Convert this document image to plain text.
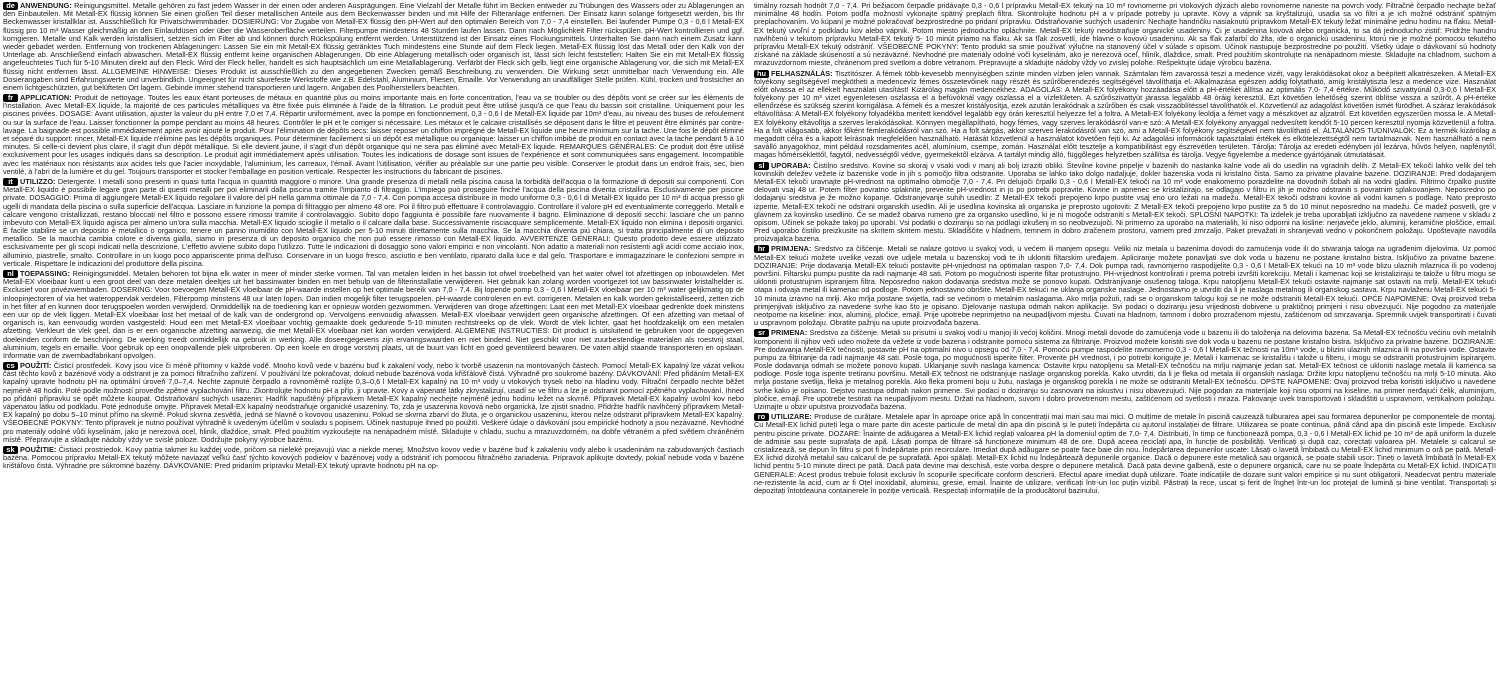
de ANWENDUNG: Reinigungsmittel. Metalle gehören zu fast jedem Wasser in der einen oder anderen Ausprägungen. Eine Vielzahl der Metalle führt im Becken entweder zu Trübungen des Wassers oder zu Ablagerungen an den Einbauteilen. Mit Metall-EX flüssig können Sie einen großen Teil dieser metallischen Anteile aus dem Beckenwasser binden und mit Hilfe der Filteranlage entfernen. Der Einsatz kann solange fortgesetzt werden, bis Ihr Beckenwasser kristallklar ist. Ausschließlich für Privatschwimmbäder. DOSIERUNG: Vor Zugabe von Metall-EX flüssig den pH-Wert auf den optimalen Bereich von 7,0 - 7,4 einstellen. Bei laufender Pumpe 0,3 - 0,6 l Metall-EX flüssig pro 10 m³ Wasser gleichmäßig an den Einlaufdüsen oder über die Wasseroberfläche verteilen. Filterpumpe mindestens 48 Stunden laufen lassen. Dann nach Möglichkeit Filter rückspülen. pH-Wert kontrollieren und ggf. korrigieren. Metalle und Kalk werden kristallisiert, setzen sich im Filter ab und können durch Rückspülung entfernt werden. Unterstützend ist der Einsatz eines Flockungsmittels. Unterhalten Sie dann nach einem Zusatz kann wieder gebadet werden. Entfernung von trockenen Ablagerungen: Lassen Sie ein mit Metall-EX flüssig getränktes Tuch mindestens eine Stunde auf dem Fleck liegen. Metall-EX flüssig löst das Metall oder den Kalk von der Unterlage ab. Anschließend einfach abwaschen. Metall-EX flüssig entfernt keine organischen Ablagerungen. Ob eine Ablagerung metallisch oder organisch ist, lässt sich leicht feststellen: Halten Sie ein mit Metall-EX flüssig angefeuchtetes Tuch für 5-10 Minuten direkt auf den Fleck. Wird der Fleck heller, handelt es sich hauptsächlich um eine Metallablagerung. Verfärbt der Fleck sich gelb, liegt eine organische Ablagerung vor, die sich mit Metall-EX flüssig nicht entfernen lässt. ALLGEMEINE HINWEISE: Dieses Produkt ist ausschließlich zu den angegebenen Zwecken gemäß Beschreibung zu verwenden. Die Wirkung setzt unmittelbar nach Verwendung ein. Alle Dosierangaben sind Erfahrungswerte und unverbindlich. Ungeeignet für nicht säurefeste Werkstoffe wie z.B. Edelstahl, Aluminium, Fliesen, Emaille. Vor Verwendung an unauffälliger Stelle prüfen. Kühl, trocken und frostsicher an einem lichtgeschützten, gut belüfteten Ort lagern. Gebinde immer stehend transportieren und lagern. Angaben des Poolherstellers beachten.

fr APPLICATION: Produit de nettoyage. Toutes les eaux étant porteuses de métaux en quantité plus ou moins importante mais en forte concentration, l'eau va se troubler ou des dépôts vont se créer sur les éléments de l'installation. Avec Metall-EX liquide, la majorité de ces particules métalliques va être fixée puis éliminée à l'aide de la filtration. Le produit peut être utilisé jusqu'à ce que l'eau du bassin soit cristalline. Uniquement pour les piscines privées. DOSAGE: Avant utilisation, ajuster la valeur du pH entre 7,0 et 7,4. Répartir uniformément, avec la pompe en fonctionnement, 0,3 - 0,6 l de Metall-EX liquide par 10m³ d'eau, au niveau des buses de refoulement ou sur la surface de l'eau. Laisser fonctionner la pompe pendant au moins 48 heures. Contrôler le pH et le corriger si nécessaire. Les métaux et le calcaire cristallisés se déposent dans le filtre et peuvent être éliminés par contre-lavage. La baignade est possible immédiatement après avoir ajouté le produit. Pour l'élimination de dépôts secs: laisser reposer un chiffon imprégné de Metall-EX liquide une heure minimum sur la tache. Une fois le dépôt éliminé et séparé du support: rincer. Metall-EX liquide n'élimine pas les dépôts organiques. Pour déterminer facilement si un dépôt est métallique ou organique: laisser un chiffon imbibé de produit en contact avec la tache pendant 5 à 10 minutes. Si celle-ci devient plus claire, il s'agit d'un dépôt métallique. Si elle devient jaune, il s'agit d'un dépôt organique qui ne sera pas éliminé avec Metall-EX liquide. REMARQUES GÉNÉRALES: Ce produit doit être utilisé exclusivement pour les usages indiqués dans sa description. Le produit agit immédiatement après utilisation. Toutes les indications de dosage sont issues de l'expérience et sont communiquées sans engagement. Incompatible avec les matériaux non résistants aux acides tels que l'acier inoxydable, l'aluminium, les carreaux, l'émail. Avant l'utilisation, vérifier au préalable sur une partie peu visible. Conserver le produit dans un endroit frais, sec, bien ventilé, à l'abri de la lumière et du gel. Toujours transporter et stocker l'emballage en position verticale. Respecter les instructions du fabricant de piscines.

it UTILIZZO: Detergente. I metalli sono presenti in quasi tutta l'acqua in quantità maggiore o minore. Una grande presenza di metalli nella piscina causa la torbidità dell'acqua o la formazione di depositi sui componenti. Con Metall-EX liquido è possibile legare gran parte di questi metalli per poi eliminarli dalla piscina tramite l'impianto di filtraggio. L'impiego può proseguire finché l'acqua della piscina diventa cristallina. Esclusivamente per piscine private. DOSAGGIO: Prima di aggiungere Metall-EX liquido regolare il valore del pH nella gamma ottimale da 7,0 - 7,4. Con pompa accesa distribuire in modo uniforme 0,3 - 0,6 l di Metall-EX liquido per 10 m³ di acqua presso gli ugelli di mandata della piscina o sulla superficie dell'acqua. Lasciare in funzione la pompa di filtraggio per almeno 48 ore. Poi il filtro può effettuare il controlavaggio. Controllare il valore pH ed eventualmente correggerlo. Metalli e calcare vengono cristallizzati, restano bloccati nel filtro e possono essere rimossi tramite il controlavaggio. Subito dopo l'aggiunta è possibile fare nuovamente il bagno. Eliminazione di depositi secchi: lasciare che un panno imbevuto con Metall-EX liquido agisca per almeno un'ora sulla macchia. Metall-EX liquido scioglie il metallo o il calcare dalla base. Successivamente risciacquare semplicemente. Metall-EX liquido non elimina i depositi organici. È facile stabilire se un deposito è metallico o organico: tenere un panno inumidito con Metall-EX liquido per 5-10 minuti direttamente sulla macchia. Se la macchia diventa più chiara, si tratta principalmente di un deposito metallico. Se la macchia cambia colore e diventa gialla, siamo in presenza di un deposito organico che non può essere rimosso con Metall-EX liquido. AVVERTENZE GENERALI: Questo prodotto deve essere utilizzato esclusivamente per gli scopi indicati nella descrizione. L'effetto avviene subito dopo l'utilizzo. Tutte le indicazioni di dosaggio sono valori empirici e non vincolanti. Non adatto a materiali non resistenti agli acidi come acciaio inox, alluminio, piastrelle, smalto. Controllare in un luogo poco appariscente prima dell'uso. Conservare in un luogo fresco, asciutto e ben ventilato, riparato dalla luce e dal gelo. Trasportare e immagazzinare le confezioni sempre in verticale. Rispettare le indicazioni del produttore della piscina.

nl TOEPASSING: Reinigingsmiddel. Metalen behoren tot bijna elk water in meer of minder sterke vormen. Tal van metalen leiden in het bassin tot ofwel troebelheid van het water ofwel tot afzettingen op inbouwdelen. Met Metall-EX vloeibaar kunt u een groot deel van deze metalen deeltjes uit het bassinwater binden en met behulp van de filterinstallatie verwijderen. Het gebruik kan zolang worden voortgezet tot uw bassinwater kristalhelder is. Exclusief voor privézwembaden. DOSERING: Voor toevoegen Metall-EX vloeibaar de pH-waarde instellen op het optimale bereik van 7,0 - 7,4. Bij lopende pomp 0,3 - 0,6 l Metall-EX vloeibaar per 10 m³ water gelijkmatig op de inloopinjectoren of via het wateroppervlak verdelen. Filterpomp minstens 48 uur laten lopen. Dan indien mogelijk filter terugspoelen. pH-waarde controleren en evt. corrigeren. Metalen en kalk worden gekristalliseerd, zetten zich in het filter af en kunnen door terugspoelen worden verwijderd. Onmiddellijk na de toediening kan er opnieuw worden gezwommen. Verwijderen van droge afzettingen: Laat een met Metall-EX vloeibaar gedrenkte doek minstens een uur op de vlek liggen. Metall-EX vloeibaar lost het metaal of de kalk van de ondergrond op. Vervolgens eenvoudig afwassen. Metall-EX vloeibaar verwijdert geen organische afzettingen. Of een afzetting van metaal of organisch is, kan eenvoudig worden vastgesteld: Houd een met Metall-EX vloeibaar vochtig gemaakte doek gedurende 5-10 minuten rechtstreeks op de vlek. Wordt de vlek lichter, gaat het hoofdzakelijk om een metalen afzetting. Verkleurt de vlek geel, dan is er een organische afzetting aanwezig, die met Metall-EX vloeibaar niet kan worden verwijderd. ALGEMENE INSTRUCTIES: Dit product is uitsluitend te gebruiken voor de opgegeven doeleinden conform de beschrijving. De werking treedt onmiddellijk na gebruik in werking. Alle doseergegevens zijn ervaringswaarden en niet bindend. Niet geschikt voor niet zuurbestendige materialen als roestvrij staal, aluminium, tegels en emaille. Voor gebruik op een onopvallende plek uitproberen. Op een koele en droge vorstvrij plaats, uit de buurt van licht en goed geventileerd bewaren. De vaten altijd staande transporteren en opslaan. Informatie van de zwembadfabrikant opvolgen.

cs POUŽITÍ: Čisticí prostředek. Kovy jsou více či méně přítomny v každé vodě. Mnoho kovů vede v bazénu buď k zakalení vody, nebo k tvorbě usazenin na montovaných částech. Pomocí Metall-EX kapalný lze vázat velkou část těchto kovů z bazénové vody a odstranit je za pomoci filtračního zařízení. V používání lze pokračovat, dokud nebude bazénová voda křišťálově čistá. Výhradně pro soukromé bazény. DÁVKOVÁNÍ: Před přidáním Metall-EX kapalný upravte hodnotu pH na optimální úroveň 7,0–7,4. Nechte zapnuté čerpadlo a rovnoměrně rozlijte 0,3–0,6 l Metall-EX kapalný na 10 m³ vody u vtokových trysek nebo na hladinu vody. Filtrační čerpadlo nechte běžet nejméně 48 hodin. Poté podle možností proveďte zpětné vyplachování filtru. Zkontrolujte hodnotu pH a příp. ji upravte. Kovy a vápenaté látky zkrystalizují, usadí se ve filtru a lze je odstranit pomocí zpětného vyplachování. Ihned po přidání přípravku se opět můžete koupat. Odstraňování suchých usazenin: Hadřík napuštěný přípravkem Metall-EX kapalný nechejte nejméně jednu hodinu ležet na skvrně. Přípravek Metall-EX kapalný uvolní kov nebo vápenatou látku od podkladu. Poté jednoduše omyjte. Přípravek Metall-EX kapalný neodstraňuje organické usazeniny. To, zda je usazenina kovová nebo organická, lze zjistit snadno. Přidržte hadřík navlhčený přípravkem Metall-EX kapalný po dobu 5–10 minut přímo na skvrně. Pokud skvrna zesvětlá, jedná se hlavně o kovovou usazeninu. Pokud se skvrna zbarví do žluta, je o organickou usazeninu, kterou nelze odstranit přípravkem Metall-EX kapalný. VŠEOBECNÉ POKYNY: Tento přípravek je nutno používat výhradně k uvedeným účelům v souladu s popisem. Účinek nastupuje ihned po použití. Veškeré údaje o dávkování jsou empirické hodnoty a jsou nezávazné. Nevhodné pro materiály odolné vůči kyselinám, jako je nerezová ocel, hliník, dlaždice, smalt. Před použitím vyzkoušejte na nenápadném místě. Skladujte v chladu, suchu a mrazuvzdorném, na dobře větraném a před světlem chráněném místě. Přepravujte a skladujte nádoby vždy ve svislé poloze. Dodržujte pokyny výrobce bazénu.

sk POUŽITIE: Čistiaci prostriedok. Kovy patria takmer ku každej vode, pričom sa nieleké prejavujú viac a niekde menej. Množstvo kovov vedie v bazéne buď k zakaleniu vody alebo k usadeninám na zabudovaných častiach bazéna. Pomocou prípravku Metall-EX tekutý môžete naviazať veľkú časť týchto kovových podielov v bazénovej vody a odstrániť ich pomocou filtračného zariadenia. Prípravok aplikujte dovtedy, pokiaľ nebude voda v bazéne krištáľovo čistá. Výhradne pre súkromné bazény. DÁVKOVANIE: Pred pridaním prípravku Metall-EX tekutý upravte hodnotu pH na op-

timálny rozsah hodnôt 7,0 - 7,4. Pri bežiacom čerpadle pridávajte 0,3 - 0,6 l prípravku Metall-EX tekutý na 10 m³ rovnomerne pri vtokových dýzach alebo rovnomerne naneste na povrch vody. Filtračné čerpadlo nechajte bežať minimálne 48 hodín. Potom podľa možností vykonajte spätný preplach filtra. Skontrolujte hodnotu pH a v prípade potreby ju upravte. Kovy a vápnik sa kryštalizujú, usadia sa vo filtri a je ich možné odstrániť spätným preplachovaním. Vo kúpaní je možné pokračovať bezprostredne po pridaní prípravku. Odstraňovanie suchých usadenín: Nechajte handričku nasiaknutú prípravkom Metall-EX tekutý ležať minimálne jednu hodinu na fľaku. Metall-EX tekutý uvoľní z podkladu kov alebo vápnik. Potom miesto jednoducho opláchnite. Metall-EX tekutý neodstraňuje organické usadeniny. Či je usadenina kovová alebo organická, to sa dá jednoducho zistiť: Pridržte handru navlhčenú v tekutom prípravku Metall-EX tekutý 5- 10 minút priamo na fľaku. Ak sa fľak zosvetlí, ide hlavne o kovovú usadeninu. Ak sa fľak zafarbí do žlta, ide o organickú usadeninu, ktorú nie je možné pomocou tekutého prípravku Metall-EX tekutý odstrániť. VŠEOBECNÉ POKYNY: Tento produkt sa smie používať výlučne na stanovený účel v súlade s opisom. Účinok nastupuje bezprostredne po použití. Všetky údaje o dávkovaní sú hodnoty získané na základe skúseností a sú nezáväzné. Nevhodné pre materiály odolné voči kyselinám, ako je nerezová oceľ, hliník, dlaždice, smalt. Pred použitím skontrolujte na nenápadnom mieste. Skladujte na chladnom, suchom a mrazuvzdornom mieste, chránenom pred svetlom a dobre vetranom. Prepravujte a skladujte nádoby vždy vo zvislej polohe. Rešpektujte údaje výrobcu bazéna.

hu FELHASZNÁLÁS: Tisztítószer. A fémek több-kevesebb mennyiségben szinte minden vízben jelen vannak. Számtalan fém zavarossá teszi a medence vizét, vagy lerakódásokat okoz a beépített alkatrészeken. A Metall-EX folyékony segítségével megkötheti a medencevíz fémes összetevőinek nagy részét és szűrőberendezés segítségével távolíthatja el. Alkalmazása egészen addig folytatható, amíg kristálytiszta lesz a medence vize. Használat előtt olvassa el az ellékelt használati utasítást! Kizárólag magán medencékhez. ADAGOLÁS: A Metall-EX folyékony hozzáadása előtt a pH-értékét állítsa az optimális 7,0- 7,4 értékre. Működő szivattyúnál 0,3-0,6 l Metall-EX folyékony per 10 m³ vizet egyenletesen oszlassa el a befúvóknál vagy oszlassa el a vízfelületen. A szűrőszivattyút járassa legalább 48 óráig keresztül. Ezt követően lehetőség szerint öblítse vissza a szűrőt. A pH-értéke ellenőrzése és szükség szerint korrigálása. A fémek és a meszet kristályosítja, ezek azután lerakódnak a szűrőben és csak visszaöblítéssel távolíthatók el. Közvetlenül az adagolást követően ismét fürödhet. A száraz lerakódások eltávolítása: A Metall-EX folyékony folyadékba meritett kendővel legalább egy órán keresztül helyezze fel a foltra. A Metall-EX folyékony leoldja a fémet vagy a mészkövet az aljzatról. Ezt követően egyszerűen mossa le. A Metall-EX folyékony eltávolítja a szerves lerakódásokat. Könnyen megállapítható, hogy fémes, vagy szerves lerakódásról van-e szó: A Metall-EX folyékony anyaggal nedvesített kendőt 5-10 percen keresztül nyomja közvetlenül a foltra. Ha a folt világosabb, akkor főként fémlerakódásról van szó. Ha a folt sárgás, akkor szerves lerakódásról van szó, ami a Metall-EX folyékony segítségével nem távolítható el. ÁLTALÁNOS TUDNIVALÓK: Ez a termék kizárólag a megadott célra és a kapott leírásnak megfelelően használható. Hatását közvetlenül a használatot követően fejti ki. Az adagolási információk tapasztalati értékek és elkötelezettségtől nem tartalmaznak. Nem használható a nem saválló anyagokhoz, mint például rozsdamentes acél, alumínium, csempe, zomán. Használat előtt tesztelje a kompatibilitást egy észrevétlen területen. Tárolja: Tárolja az eredeti edényben jól lezárva, hűvös helyen, napfénytől, magas hőmérséklettől, fagytól, nedvességtől védve, gyermekektől elzárva. A tartályt mindig álló, függőleges helyzetben szállítsa és tárolja. Vegye figyelembe a medence gyártójának útmutatásait.

sl UPORABA: Čistilno sredstvo. Kovine so skoraj v vsaki vodi v manj ali bolj izraziti obliki. Številne kovine pripelje v bazenih do nastanka kalne vode ali do usedlin na vgradnih delih. Z Metall-EX tekoči lahko velik del teh kovinskih deležev vežete iz bazenske vode in jih s pomočjo filtra odstranite. Uporaba se lahko tako dolgo nadaljuje, dokler bazenska voda ni kristalno čista. Samo za privatne plavalne bazene. DOZIRANJE: Pred dodajanjem Metall-EX tekoči uravnajte pH-vrednost na optimalno območje 7,0 - 7,4. Pri delujoči črpalki 0,3 - 0,6 l Metall-EX tekoči na 10 m³ vode enakomerno porazdelite na dovodnih šobah ali na vodni gladini. Filtrirno črpalko pustite delovati vsaj 48 ur. Potem filter povratno splaknite, preverite pH-vrednost in jo po potrebi popravite. Kovine in apnenec se kristalizirajo, se odlagajo v filtru in jih je možno odstraniti s povratnim splakovanjem. Neposredno po dodajanju sredstva je že možno kopanje. Odstranjevanje suhih usedlin: Z Metall-EX tekoči prepojeno krpo pustite vsaj eno uro ležati na madežu. Metall-EX tekoči odstrani kovine ali vodni kamen s podlage. Nato preprosto izperite. Metall-EX tekoči ne odstrani organskih usedlin. Ali je usedlina kovinska ali organska je preprosto ugotoviti: Z Metall-EX tekoči prepojeno krpo pustite za 5 do 10 minut neposredno na madežu. Če madež posvetli, gre v glavnem za kovinsko usedlino. Če se madež obarva rumeno gre za organsko usedlino, ki je ni mogoče odstraniti s Metall-EX tekoči. SPLOŠNI NAPOTKI: Ta izdelek je treba uporabljati izključno za navedene namene v skladu z opisom. Učinek se pokaže takoj po uporabi. Vsi podatki o doziranju so na podlagi izkušenj in so neobvezujoči. Ni primerno za uporabo na materialih, ki niso odporni na kisline: nerjaveče jeklo, aluminij, keramične ploščice, email. Pred uporabo čistilo preizkusite na skritem skritem mestu. Skladiščite v hladnem, temnem in dobro zračenem prostoru, varnem pred zmrzaljo. Paket prevažati in shranjevati vedno v pokončnem položaju. Upoštevajte navodila proizvajalca bazena.

hr PRIMJENA: Sredstvo za čišćenje. Metali se nalaze gotovo u svakoj vodi, u većem ili manjem opsegu. Veliki niz metala u bazenima dovodi do zamućenja vode ili do stvaranja taloga na ugrađenim dijelovima. Uz pomoć Metall-EX tekući možete uvelike vezati ove udjele metala u bazenskoj vodi te ih ukloniti filtarskim uređajem. Apliciranje možete ponavljati sve dok voda u bazenu ne postane kristalno bistra. Isključivo za privatne bazene. DOZIRANJE: Prije dodavanja Metall-EX tekući postavite pH-vrijednost na optimalan raspon 7,0- 7,4. Dok pumpa radi, ravnomjerno raspodijelite 0,3 - 0,6 l Metall-EX tekući na 10 m³ vode blizu ulaznih mlaznica ili po vodenoj površini. Filtarsku pumpu pustite da radi najmanje 48 sati. Potom po mogućnosti isperite filtar protustrujno. PH-vrijednost kontrolirati i prema potrebi izvršiti korekciju. Metali i kamenac koji se kristaliziraju te talože u filtru mogu se ukloniti protustrujnim ispiranjem filtra. Neposredno nakon dodavanja sredstva može se ponovo kupati. Odstranjivanje osušenog taloga. Krpu natopljenu Metall-EX tekući ostavite najmanje sat ostaviti na mrlji. Metall-EX tekući otapa i odvaja metal ili kamenac od podloge. Potom jednostavno obrišite. Metall-EX tekući ne uklanja organske naslage. Jednostavno je utvrditi da li je naslaga metalnog ili organskog sastava. Krpu navlaženu Metall-EX tekući 5-10 minuta izravno na mrlji. Ako mrlja postane svijetla, radi se većinom o metalnim naslagama. Ako mrlja požuti, radi se o organskom talogu koji se ne može odstraniti Metall-EX tekući. OPĆE NAPOMENE: Ovaj proizvod treba primjenjivati isključivo za navedene svrhe kao što je opisano. Djelovanje nastupa odmah nakon aplikacije. Svi podaci o doziranju jesu vrijednosti dobivene u praktičnoj primjeni i nisu obvezujući. Nije pogodno za materijale neotporne na kiseline: inox, aluminij, pločice, emajl. Prije upotrebe neprimjetno na neupadljivom mjestu. Čuvati na hladnom, tamnom i dobro prozračenom mjestu, zaštićenom od smrzavanja. Spremnik uvijek transportirati i čuvati u uspravnom položaju. Obratite pažnju na upute proizvođača bazena.

sr PRIMENA: Sredstvo za čišćenje. Metali su prisutni u svakoj vodi u manjoj ili većoj količini. Mnogi metali dovode do zamućenja vode u bazenu ili do taloženja na delovima bazena. Sa Metall-EX tečnošću većinu ovih metalnih komponenti ili njihov veći udeo možete da vežete iz vode bazena i odstranite pomoću sistema za filtriranje. Proizvod možete koristiti sve dok voda u bazenu ne postane kristalno bistra. Isključivo za privatne bazene. DOZIRANJE: Pre dodavanja Metall-EX tečnosti, postavite pH na optimalni nivo u opsegu od 7,0 - 7,4. Pomoću pumpe raspodelite ravnomerno 0,3 - 0,6 l Metall-EX tečnosti na 10m³ vode, u blizini ulaznih mlaznica ili na površini vode. Ostavite pumpu za filtriranje da radi najmanje 48 sati. Posle toga, po mogućnosti isperite filter. Proverite pH vrednost, i po potrebi korigujte je. Metali i kamenac se kristališu i talože u filteru, i mogu se odstraniti protustrujnim ispiranjem. Posle dodavanja odmah se možete ponovo kupati. Uklanjanje suvih naslaga kamenca: Ostavite krpu natopljenu sa Metall-EX tečnošću na mrlju najmanje jedan sat. Metall-EX tečnost ce ukloniti naslage metala ili kamenca sa podloge. Posle toga isperite tretiranu površinu. Metall-EX tečnost ne odstranjuje naslage organskog porekla. Kako utvrditi, da li je fleka od metala ili organskih naslaga: Držite krpu natopljenu tečnošću na mrlji 5-10 minuta. Ako mrlja postane svetlija, fleka je metalnog porekla. Ako fleka promeni boju u žutu, naslaga je organskog porekla i ne može se odstraniti Metall-EX tečnošću. OPŠTE NAPOMENE: Ovaj proizvod treba koristiti isključivo u navedene svrhe kako je opisano. Dejstvo nastupa odmah nakon primene. Svi podaci o doziranju su zasnovani na iskustvu i nisu obavezujući. Nije pogodan za materijale koji nisu otporni na kiseline, na primer nerđajući čelik, aluminijum, pločice, emajl. Pre upotrebe testirati na neupadljivom mestu. Držati na hladnom, suvom i dobro provetrenom mestu, zaštićenom od svetlosti i mraza. Pakovanje uvek transportovati i skladištiti u uspravnom, vertikalnom položaju. Uzimajte u obzir uputstva proizvođača bazena.

ro UTILIZARE: Produse de curățare. Metalele apar în aproape orice apă în concentrații mai mari sau mai mici. O mulțime de metale în piscină cauzează tulburarea apei sau formarea depunerilor pe componentele de montaj. Cu Metall-EX lichid puteți lega o mare parte din aceste particule de metal din apa din piscină și le puteți îndepărta cu ajutorul instalației de filtrare. Utilizarea se poate continua, până când apa din piscină este limpede. Exclusiv pentru piscine private. DOZARE: Înainte de adăugarea a Metall-EX lichid reglați valoarea pH la domeniul optim de 7,0- 7,4. Distribuiți, în timp ce funcționează pompa, 0,3 - 0,6 l Metall-EX lichid pe 10 m³ de apă uniform la duzele de admisie sau peste suprafața de apă. Lăsați pompa de filtrare să funcționeze minimum 48 de ore. După aceea reciclați apa, în funcție de posibilități. Verificați și după caz, corectați valoarea pH. Metalele și calcarul se cristalizează, se depun în filtru și pot fi îndepărtate prin recirculare. Imediat după adăugare se poate face baie din nou. Îndepărtarea depunerilor uscate: Lăsați o lavetă îmbibată cu Metall-EX lichid minimum o oră pe pată. Metall-EX lichid dizolvă metalul sau calcarul de pe suprafață. Apoi spălați. Metall-EX lichid nu îndepărtează depunerile organice. Dacă o depunere este metalică sau organică, se poate stabili ușor: Țineți o lavetă îmbibată în Metall-EX lichid pentru 5-10 minute direct pe pată. Dacă pata devine mai deschisă, este vorba despre o depunere metalică. Dacă pata devine galbenă, este o depunere organică, care nu se poate îndepărta cu Metall-EX lichid. INDICAȚII GENERALE: Acest produs trebuie folosit exclusiv în scopurile specificate conform descrierii. Efectul apare imediat după utilizare. Toate indicațiile de dozare sunt valori empirice și nu sunt obligatorii. Neadecvat pentru materiale ne-rezistente la acid, cum ar fi Oțel inoxidabil, aluminiu, gresie, email. Înainte de utilizare, verificați într-un loc puțin vizibil. Păstrați la rece, uscat și ferit de îngheț într-un loc protejat de lumină și bine ventilat. Transportați și depozitați întotdeauna containerele în poziție verticală. Respectați informațiile de la producătorul bazinului.
